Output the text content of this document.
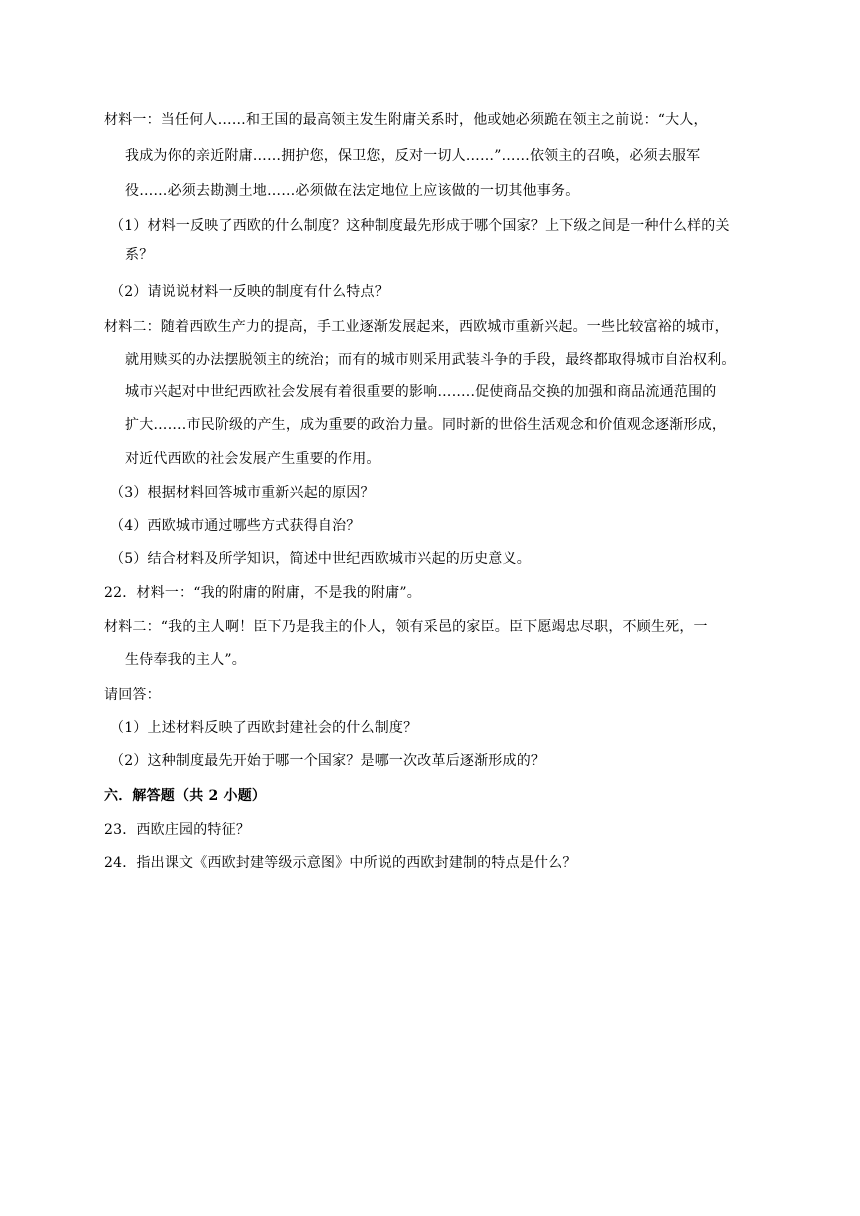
材料一：当任何人……和王国的最高领主发生附庸关系时，他或她必须跪在领主之前说：“大人，
我成为你的亲近附庸……拥护您，保卫您，反对一切人……”……依领主的召唤，必须去服军
役……必须去勘测土地……必须做在法定地位上应该做的一切其他事务。
（1）材料一反映了西欧的什么制度？这种制度最先形成于哪个国家？上下级之间是一种什么样的关
系？
（2）请说说材料一反映的制度有什么特点？
材料二：随着西欧生产力的提高，手工业逐渐发展起来，西欧城市重新兴起。一些比较富裕的城市，
就用赎买的办法摆脱领主的统治；而有的城市则采用武装斗争的手段，最终都取得城市自治权利。
城市兴起对中世纪西欧社会发展有着很重要的影响……..促使商品交换的加强和商品流通范围的
扩大…….市民阶级的产生，成为重要的政治力量。同时新的世俗生活观念和价值观念逐渐形成，
对近代西欧的社会发展产生重要的作用。
（3）根据材料回答城市重新兴起的原因？
（4）西欧城市通过哪些方式获得自治？
（5）结合材料及所学知识，简述中世纪西欧城市兴起的历史意义。
22．材料一：“我的附庸的附庸，不是我的附庸”。
材料二：“我的主人啊！臣下乃是我主的仆人，领有采邑的家臣。臣下愿竭忠尽职，不顾生死，一
生侍奉我的主人”。
请回答：
（1）上述材料反映了西欧封建社会的什么制度？
（2）这种制度最先开始于哪一个国家？是哪一次改革后逐渐形成的？
六．解答题（共 2 小题）
23．西欧庄园的特征？
24．指出课文《西欧封建等级示意图》中所说的西欧封建制的特点是什么？
